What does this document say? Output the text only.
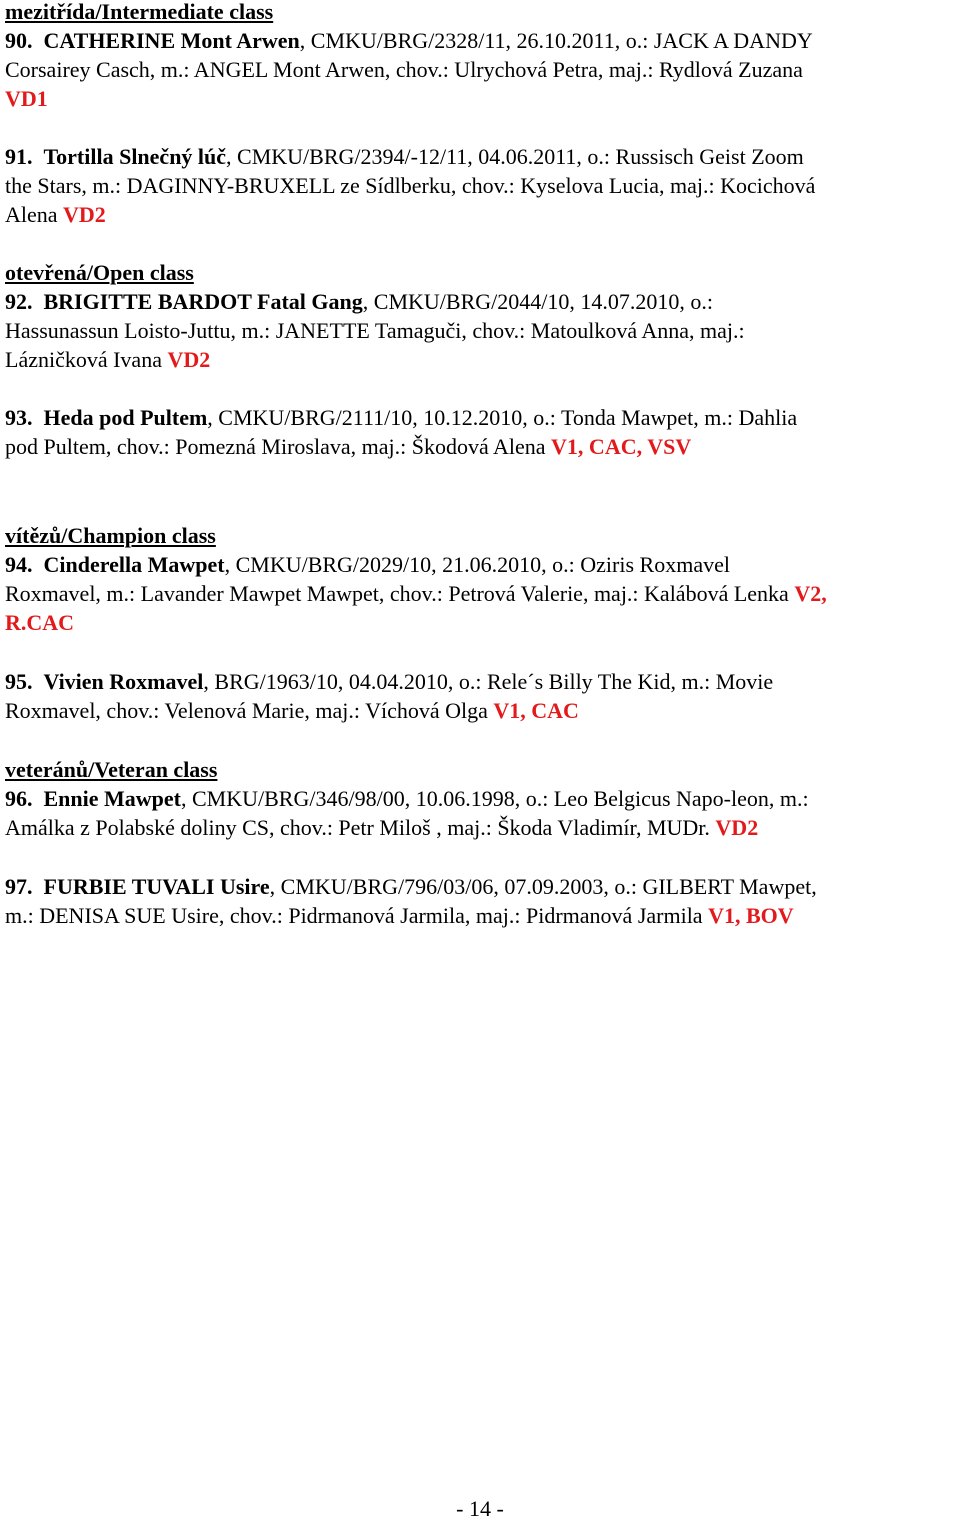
mezitřída/Intermediate class
90. CATHERINE Mont Arwen, CMKU/BRG/2328/11, 26.10.2011, o.: JACK A DANDY
Corsairey Casch, m.: ANGEL Mont Arwen, chov.: Ulrychová Petra, maj.: Rydlová Zuzana
VD1
91. Tortilla Slnečný lúč, CMKU/BRG/2394/-12/11, 04.06.2011, o.: Russisch Geist Zoom
the Stars, m.: DAGINNY-BRUXELL ze Sídlberku, chov.: Kyselova Lucia, maj.: Kocichová
Alena VD2
otevřená/Open class
92. BRIGITTE BARDOT Fatal Gang, CMKU/BRG/2044/10, 14.07.2010, o.:
Hassunassun Loisto-Juttu, m.: JANETTE Tamaguči, chov.: Matoulková Anna, maj.:
Lázničková Ivana VD2
93. Heda pod Pultem, CMKU/BRG/2111/10, 10.12.2010, o.: Tonda Mawpet, m.: Dahlia
pod Pultem, chov.: Pomezná Miroslava, maj.: Škodová Alena V1, CAC, VSV
vítězů/Champion class
94. Cinderella Mawpet, CMKU/BRG/2029/10, 21.06.2010, o.: Oziris Roxmavel
Roxmavel, m.: Lavander Mawpet Mawpet, chov.: Petrová Valerie, maj.: Kalábová Lenka V2,
R.CAC
95. Vivien Roxmavel, BRG/1963/10, 04.04.2010, o.: Rele´s Billy The Kid, m.: Movie
Roxmavel, chov.: Velenová Marie, maj.: Víchová Olga V1, CAC
veteránů/Veteran class
96. Ennie Mawpet, CMKU/BRG/346/98/00, 10.06.1998, o.: Leo Belgicus Napo-leon, m.:
Amálka z Polabské doliny CS, chov.: Petr Miloš , maj.: Škoda Vladimír, MUDr. VD2
97. FURBIE TUVALI Usire, CMKU/BRG/796/03/06, 07.09.2003, o.: GILBERT Mawpet,
m.: DENISA SUE Usire, chov.: Pidrmanová Jarmila, maj.: Pidrmanová Jarmila V1, BOV
- 14 -
